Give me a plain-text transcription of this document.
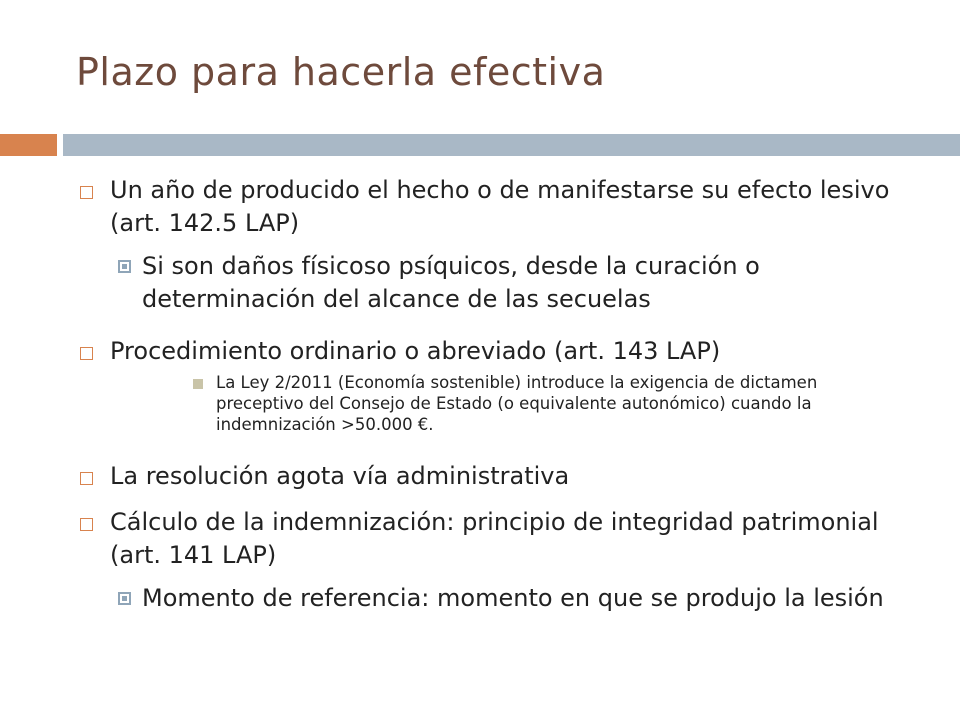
Plazo para hacerla efectiva
Un año de producido el hecho o de manifestarse su efecto lesivo (art. 142.5 LAP)
Si son daños físicoso psíquicos, desde la curación o determinación del alcance de las secuelas
Procedimiento ordinario o abreviado (art. 143 LAP)
La Ley 2/2011 (Economía sostenible) introduce la exigencia de dictamen preceptivo del Consejo de Estado (o equivalente autonómico) cuando la indemnización >50.000 €.
La resolución agota vía administrativa
Cálculo de la indemnización: principio de integridad patrimonial (art. 141 LAP)
Momento de referencia: momento en que se produjo la lesión
